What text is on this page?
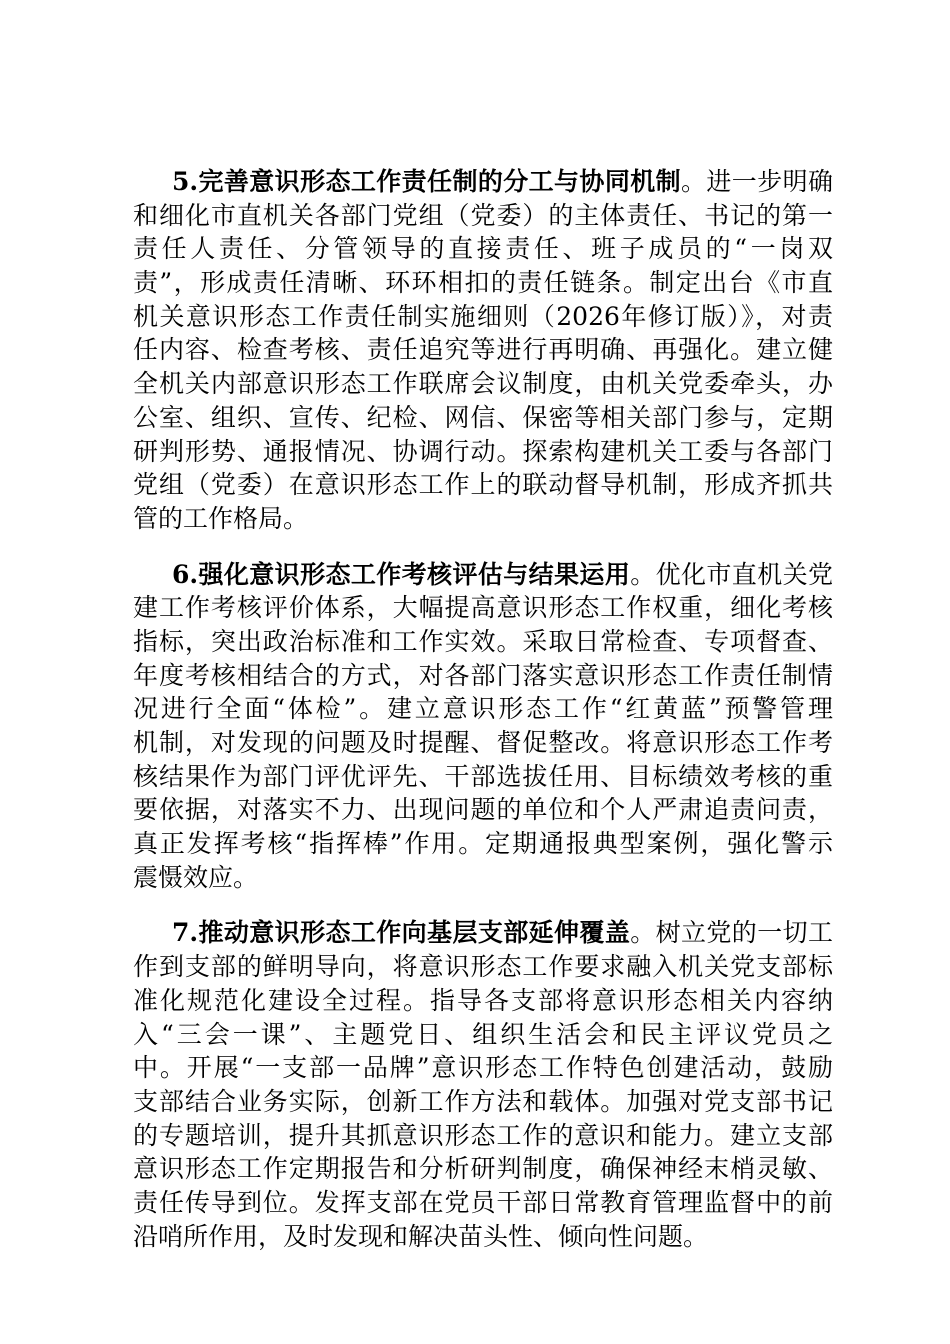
5.完善意识形态工作责任制的分工与协同机制。进一步明确
和细化市直机关各部门党组（党委）的主体责任、书记的第一
责任人责任、分管领导的直接责任、班子成员的“一岗双
责”，形成责任清晰、环环相扣的责任链条。制定出台《市直
机关意识形态工作责任制实施细则（2026年修订版）》，对责
任内容、检查考核、责任追究等进行再明确、再强化。建立健
全机关内部意识形态工作联席会议制度，由机关党委牵头，办
公室、组织、宣传、纪检、网信、保密等相关部门参与，定期
研判形势、通报情况、协调行动。探索构建机关工委与各部门
党组（党委）在意识形态工作上的联动督导机制，形成齐抓共
管的工作格局。
6.强化意识形态工作考核评估与结果运用。优化市直机关党
建工作考核评价体系，大幅提高意识形态工作权重，细化考核
指标，突出政治标准和工作实效。采取日常检查、专项督查、
年度考核相结合的方式，对各部门落实意识形态工作责任制情
况进行全面“体检”。建立意识形态工作“红黄蓝”预警管理
机制，对发现的问题及时提醒、督促整改。将意识形态工作考
核结果作为部门评优评先、干部选拔任用、目标绩效考核的重
要依据，对落实不力、出现问题的单位和个人严肃追责问责，
真正发挥考核“指挥棒”作用。定期通报典型案例，强化警示
震慑效应。
7.推动意识形态工作向基层支部延伸覆盖。树立党的一切工
作到支部的鲜明导向，将意识形态工作要求融入机关党支部标
准化规范化建设全过程。指导各支部将意识形态相关内容纳
入“三会一课”、主题党日、组织生活会和民主评议党员之
中。开展“一支部一品牌”意识形态工作特色创建活动，鼓励
支部结合业务实际，创新工作方法和载体。加强对党支部书记
的专题培训，提升其抓意识形态工作的意识和能力。建立支部
意识形态工作定期报告和分析研判制度，确保神经末梢灵敏、
责任传导到位。发挥支部在党员干部日常教育管理监督中的前
沿哨所作用，及时发现和解决苗头性、倾向性问题。
